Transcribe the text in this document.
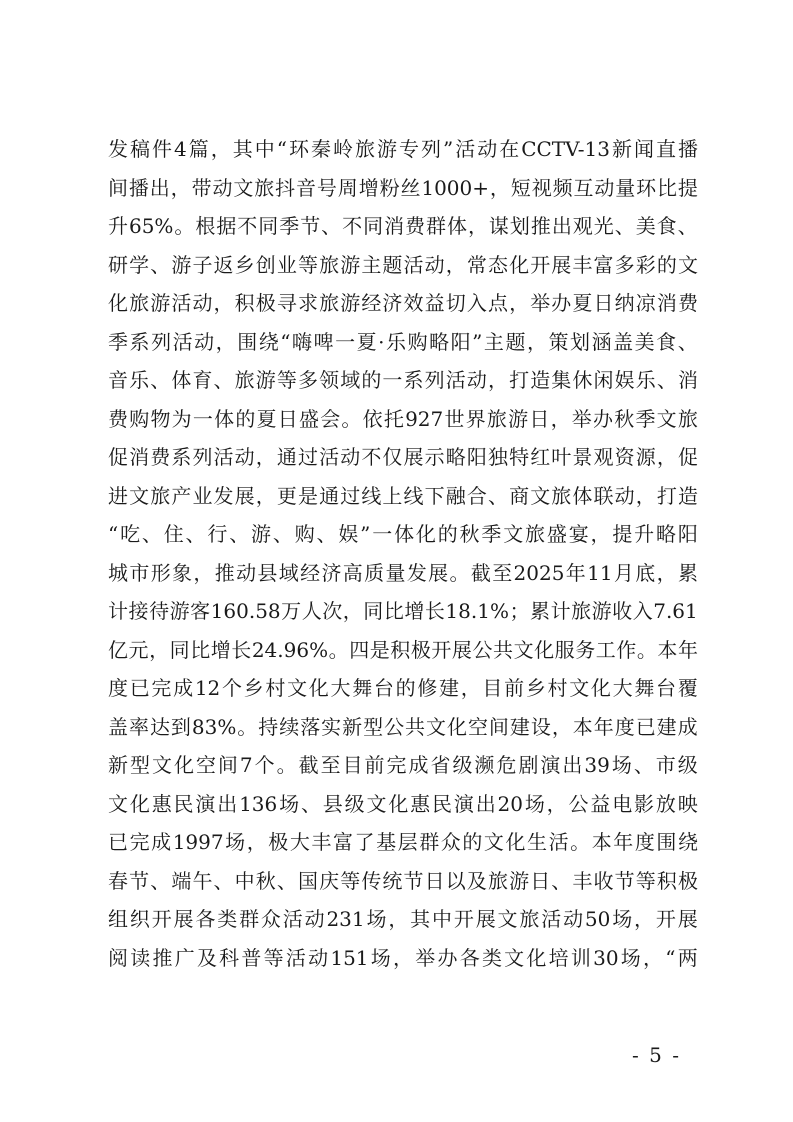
发 稿 件 4 篇 ， 其 中 “ 环 秦 岭 旅 游 专 列 ” 活 动 在 CCTV-13 新 闻 直 播
间 播 出 ， 带 动 文 旅 抖 音 号 周 增 粉 丝 1000+ ， 短 视 频 互 动 量 环 比 提
升 65% 。 根 据 不 同 季 节 、 不 同 消 费 群 体 ， 谋 划 推 出 观 光 、 美 食 、
研 学 、 游 子 返 乡 创 业 等 旅 游 主 题 活 动 ， 常 态 化 开 展 丰 富 多 彩 的 文
化 旅 游 活 动 ， 积 极 寻 求 旅 游 经 济 效 益 切 入 点 ， 举 办 夏 日 纳 凉 消 费
季 系 列 活 动 ， 围 绕 “ 嗨 啤 一 夏 · 乐 购 略 阳 ” 主 题 ， 策 划 涵 盖 美 食 、
音 乐 、 体 育 、 旅 游 等 多 领 域 的 一 系 列 活 动 ， 打 造 集 休 闲 娱 乐 、 消
费 购 物 为 一 体 的 夏 日 盛 会 。 依 托 927 世 界 旅 游 日 ， 举 办 秋 季 文 旅
促 消 费 系 列 活 动 ， 通 过 活 动 不 仅 展 示 略 阳 独 特 红 叶 景 观 资 源 ， 促
进 文 旅 产 业 发 展 ， 更 是 通 过 线 上 线 下 融 合 、 商 文 旅 体 联 动 ， 打 造
“ 吃 、 住 、 行 、 游 、 购 、 娱 ” 一 体 化 的 秋 季 文 旅 盛 宴 ， 提 升 略 阳
城 市 形 象 ， 推 动 县 域 经 济 高 质 量 发 展 。 截 至 2025 年 11 月 底 ， 累
计 接 待 游 客 160.58 万 人 次 ， 同 比 增 长 18.1% ； 累 计 旅 游 收 入 7.61
亿 元 ， 同 比 增 长 24.96% 。 四 是 积 极 开 展 公 共 文 化 服 务 工 作 。 本 年
度 已 完 成 12 个 乡 村 文 化 大 舞 台 的 修 建 ， 目 前 乡 村 文 化 大 舞 台 覆
盖 率 达 到 83% 。 持 续 落 实 新 型 公 共 文 化 空 间 建 设 ， 本 年 度 已 建 成
新 型 文 化 空 间 7 个 。 截 至 目 前 完 成 省 级 濒 危 剧 演 出 39 场 、 市 级
文 化 惠 民 演 出 136 场 、 县 级 文 化 惠 民 演 出 20 场 ， 公 益 电 影 放 映
已 完 成 1997 场 ， 极 大 丰 富 了 基 层 群 众 的 文 化 生 活 。 本 年 度 围 绕
春 节 、 端 午 、 中 秋 、 国 庆 等 传 统 节 日 以 及 旅 游 日 、 丰 收 节 等 积 极
组 织 开 展 各 类 群 众 活 动 231 场 ， 其 中 开 展 文 旅 活 动 50 场 ， 开 展
阅 读 推 广 及 科 普 等 活 动 151 场 ， 举 办 各 类 文 化 培 训 30 场 ， “ 两
- 5 -
